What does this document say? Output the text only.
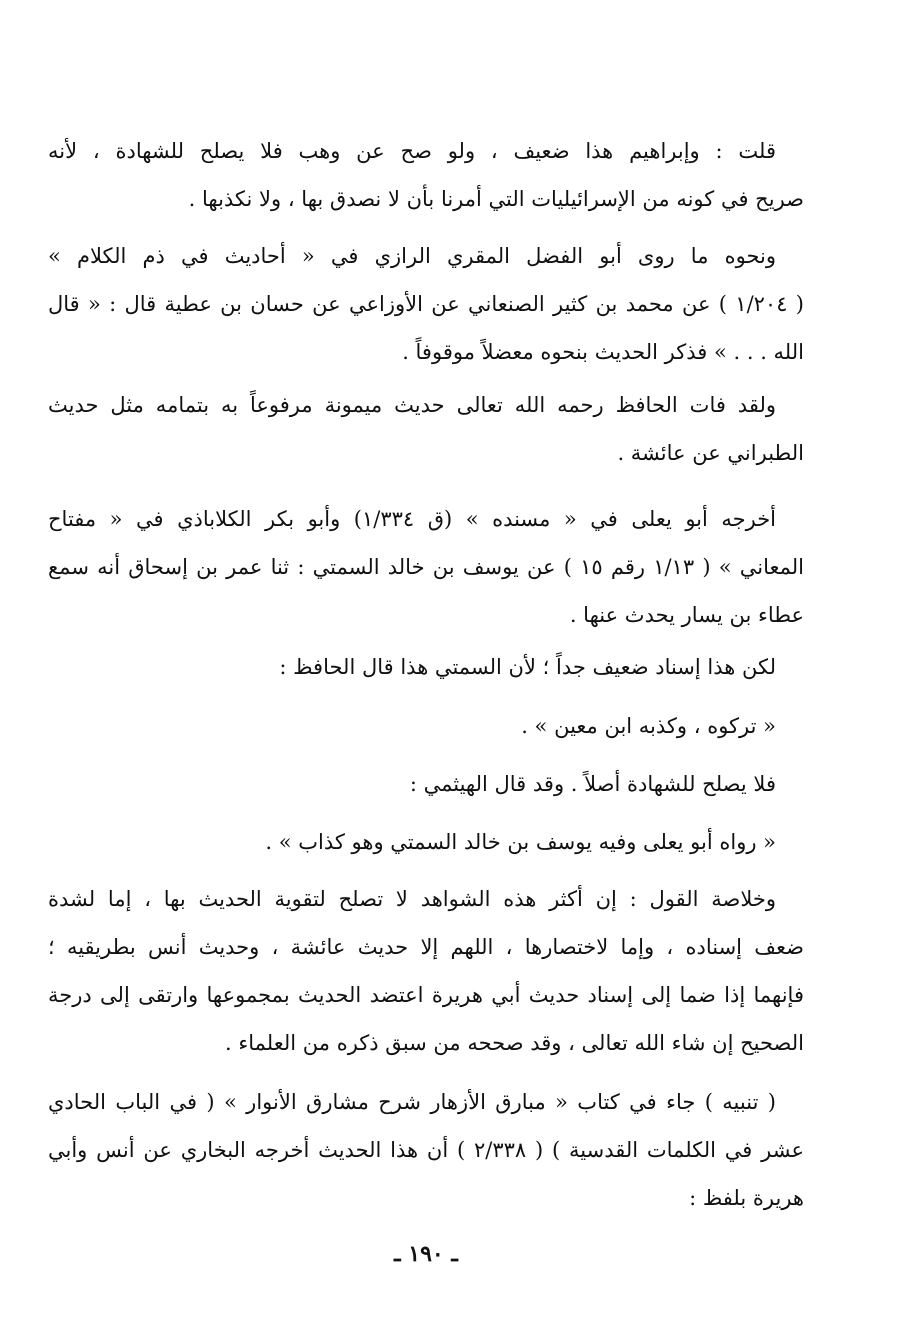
قلت : وإبراهيم هذا ضعيف ، ولو صح عن وهب فلا يصلح للشهادة ، لأنه
صريح في كونه من الإسرائيليات التي أمرنا بأن لا نصدق بها ، ولا نكذبها .
ونحوه ما روى أبو الفضل المقري الرازي في « أحاديث في ذم الكلام »
( ١/٢٠٤ ) عن محمد بن كثير الصنعاني عن الأوزاعي عن حسان بن عطية قال : « قال
الله . . . » فذكر الحديث بنحوه معضلاً موقوفاً .
ولقد فات الحافظ رحمه الله تعالى حديث ميمونة مرفوعاً به بتمامه مثل حديث
الطبراني عن عائشة .
أخرجه أبو يعلى في « مسنده » (ق ١/٣٣٤) وأبو بكر الكلاباذي في « مفتاح
المعاني » ( ١/١٣ رقم ١٥ ) عن يوسف بن خالد السمتي : ثنا عمر بن إسحاق أنه سمع
عطاء بن يسار يحدث عنها .

لكن هذا إسناد ضعيف جداً ؛ لأن السمتي هذا قال الحافظ :

« تركوه ، وكذبه ابن معين » .

فلا يصلح للشهادة أصلاً . وقد قال الهيثمي :

« رواه أبو يعلى وفيه يوسف بن خالد السمتي وهو كذاب » .

وخلاصة القول : إن أكثر هذه الشواهد لا تصلح لتقوية الحديث بها ، إما لشدة
ضعف إسناده ، وإما لاختصارها ، اللهم إلا حديث عائشة ، وحديث أنس بطريقيه ؛
فإنهما إذا ضما إلى إسناد حديث أبي هريرة اعتضد الحديث بمجموعها وارتقى إلى درجة
الصحيح إن شاء الله تعالى ، وقد صححه من سبق ذكره من العلماء .
( تنبيه ) جاء في كتاب « مبارق الأزهار شرح مشارق الأنوار » ( في الباب الحادي
عشر في الكلمات القدسية ) ( ٢/٣٣٨ ) أن هذا الحديث أخرجه البخاري عن أنس وأبي
هريرة بلفظ :
ـ ١٩٠ ـ
